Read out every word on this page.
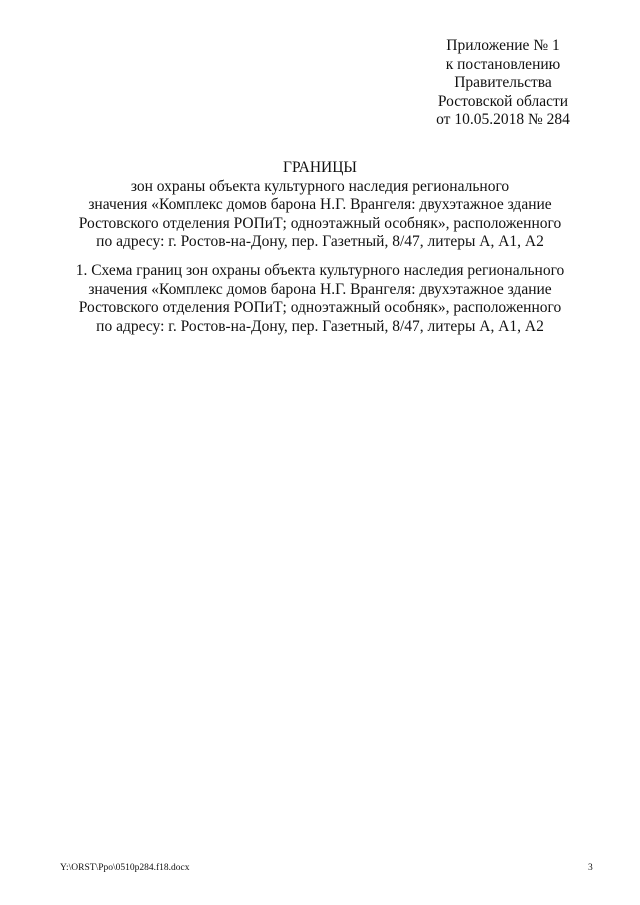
Приложение № 1
к постановлению
Правительства
Ростовской области
от 10.05.2018 № 284
ГРАНИЦЫ
зон охраны объекта культурного наследия регионального
значения «Комплекс домов барона Н.Г. Врангеля: двухэтажное здание
Ростовского отделения РОПиТ; одноэтажный особняк», расположенного
по адресу: г. Ростов-на-Дону, пер. Газетный, 8/47, литеры А, А1, А2
1. Схема границ зон охраны объекта культурного наследия регионального
значения «Комплекс домов барона Н.Г. Врангеля: двухэтажное здание
Ростовского отделения РОПиТ; одноэтажный особняк», расположенного
по адресу: г. Ростов-на-Дону, пер. Газетный, 8/47, литеры А, А1, А2
Y:\ORST\Ppo\0510p284.f18.docx	3
